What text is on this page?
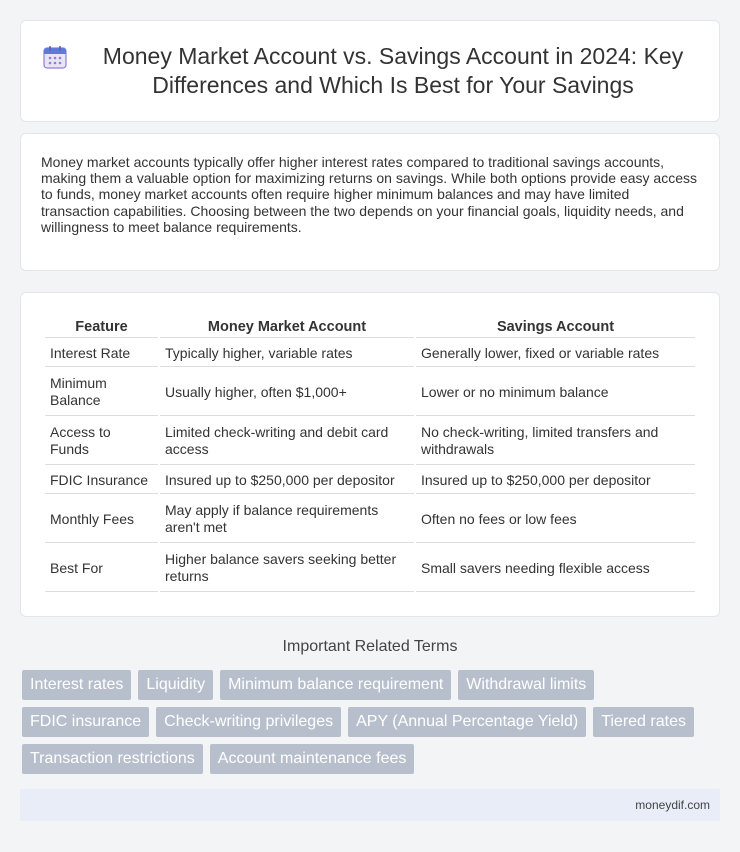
Money Market Account vs. Savings Account in 2024: Key Differences and Which Is Best for Your Savings

Money market accounts typically offer higher interest rates compared to traditional savings accounts, making them a valuable option for maximizing returns on savings. While both options provide easy access to funds, money market accounts often require higher minimum balances and may have limited transaction capabilities. Choosing between the two depends on your financial goals, liquidity needs, and willingness to meet balance requirements.

Feature	Money Market Account	Savings Account
Interest Rate	Typically higher, variable rates	Generally lower, fixed or variable rates
Minimum Balance	Usually higher, often $1,000+	Lower or no minimum balance
Access to Funds	Limited check-writing and debit card access	No check-writing, limited transfers and withdrawals
FDIC Insurance	Insured up to $250,000 per depositor	Insured up to $250,000 per depositor
Monthly Fees	May apply if balance requirements aren't met	Often no fees or low fees
Best For	Higher balance savers seeking better returns	Small savers needing flexible access
Important Related Terms
Interest rates	Liquidity	Minimum balance requirement	Withdrawal limits
FDIC insurance	Check-writing privileges	APY (Annual Percentage Yield)	Tiered rates
Transaction restrictions	Account maintenance fees
moneydif.com
